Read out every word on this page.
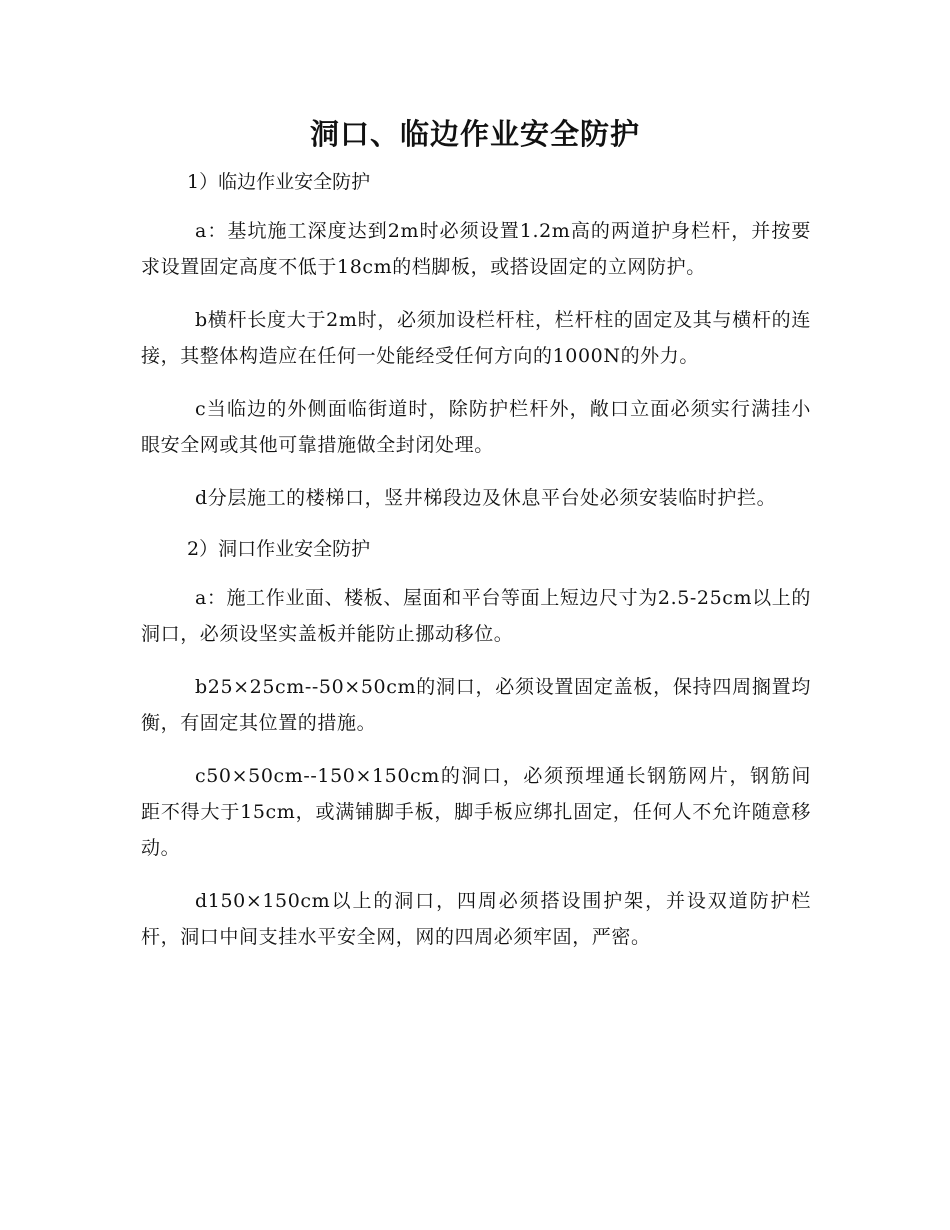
洞口、临边作业安全防护

1）临边作业安全防护

a：基坑施工深度达到2m时必须设置1.2m高的两道护身栏杆，并按要求设置固定高度不低于18cm的档脚板，或搭设固定的立网防护。

b横杆长度大于2m时，必须加设栏杆柱，栏杆柱的固定及其与横杆的连接，其整体构造应在任何一处能经受任何方向的1000N的外力。

c当临边的外侧面临街道时，除防护栏杆外，敞口立面必须实行满挂小眼安全网或其他可靠措施做全封闭处理。

d分层施工的楼梯口，竖井梯段边及休息平台处必须安装临时护拦。

2）洞口作业安全防护

a：施工作业面、楼板、屋面和平台等面上短边尺寸为2.5-25cm以上的洞口，必须设坚实盖板并能防止挪动移位。

b25×25cm--50×50cm的洞口，必须设置固定盖板，保持四周搁置均衡，有固定其位置的措施。

c50×50cm--150×150cm的洞口，必须预埋通长钢筋网片，钢筋间距不得大于15cm，或满铺脚手板，脚手板应绑扎固定，任何人不允许随意移动。

d150×150cm以上的洞口，四周必须搭设围护架，并设双道防护栏杆，洞口中间支挂水平安全网，网的四周必须牢固，严密。
